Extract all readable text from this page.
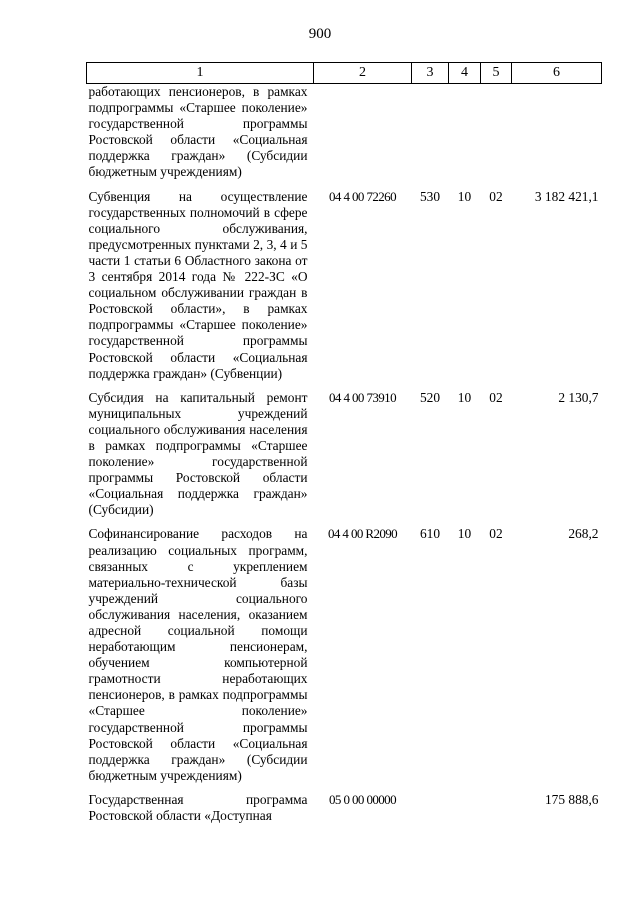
900
1	2	3	4	5	6
работающих пенсионеров, в рамках подпрограммы «Старшее поколение» государственной программы Ростовской области «Социальная поддержка граждан» (Субсидии бюджетным учреждениям)					
Субвенция на осуществление государственных полномочий в сфере социального обслуживания, предусмотренных пунктами 2, 3, 4 и 5 части 1 статьи 6 Областного закона от 3 сентября 2014 года № 222-ЗС «О социальном обслуживании граждан в Ростовской области», в рамках подпрограммы «Старшее поколение» государственной программы Ростовской области «Социальная поддержка граждан» (Субвенции)	04 4 00 72260	530	10	02	3 182 421,1
Субсидия на капитальный ремонт муниципальных учреждений социального обслуживания населения в рамках подпрограммы «Старшее поколение» государственной программы Ростовской области «Социальная поддержка граждан» (Субсидии)	04 4 00 73910	520	10	02	2 130,7
Софинансирование расходов на реализацию социальных программ, связанных с укреплением материально-технической базы учреждений социального обслуживания населения, оказанием адресной социальной помощи неработающим пенсионерам, обучением компьютерной грамотности неработающих пенсионеров, в рамках подпрограммы «Старшее поколение» государственной программы Ростовской области «Социальная поддержка граждан» (Субсидии бюджетным учреждениям)	04 4 00 R2090	610	10	02	268,2
Государственная программа Ростовской области «Доступная	05 0 00 00000				175 888,6
